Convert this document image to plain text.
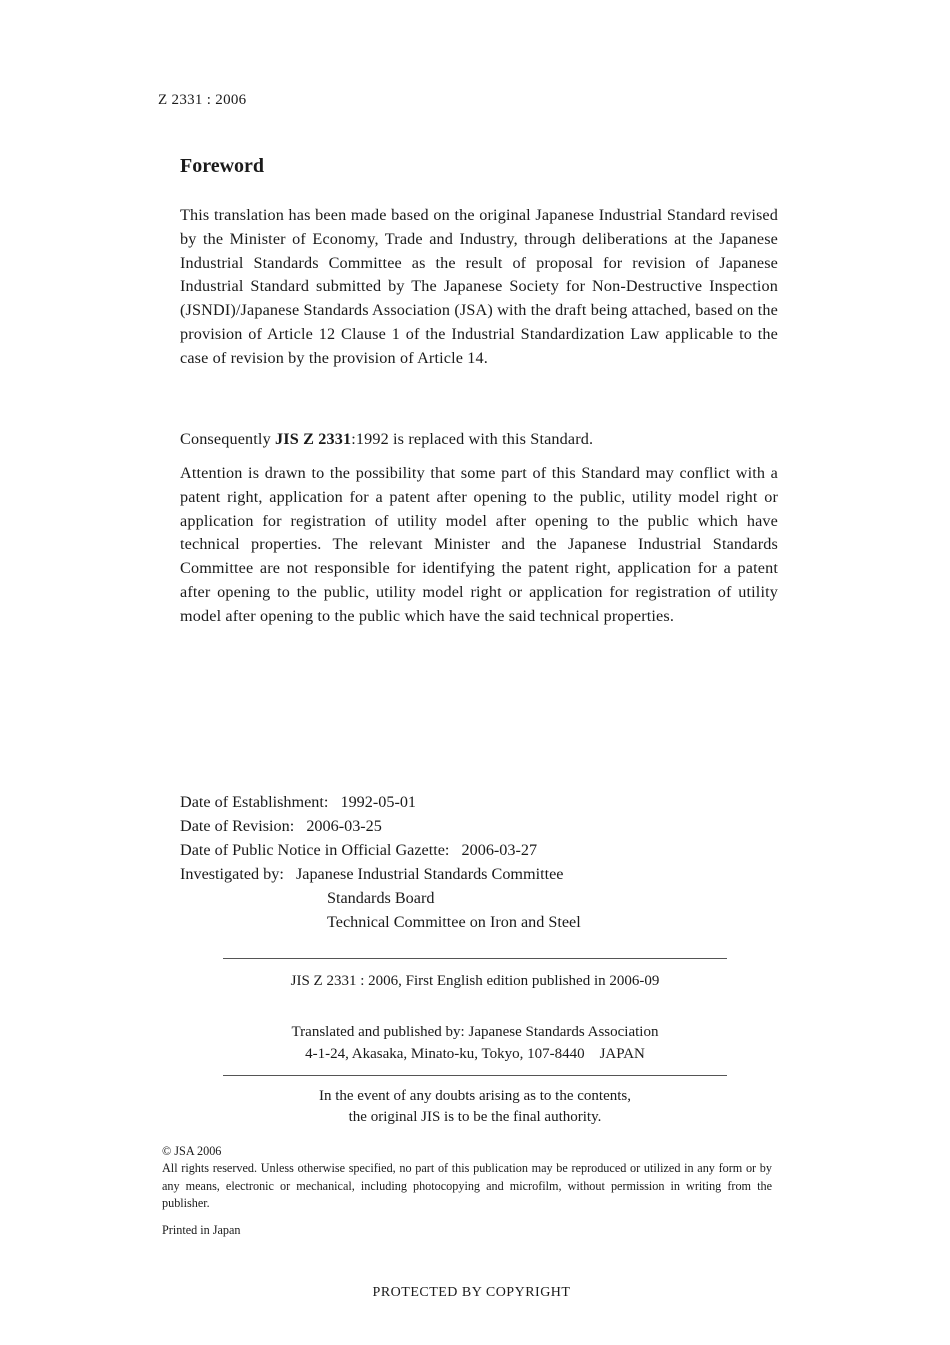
Z 2331 : 2006
Foreword

This translation has been made based on the original Japanese Industrial Standard revised by the Minister of Economy, Trade and Industry, through deliberations at the Japanese Industrial Standards Committee as the result of proposal for revision of Japanese Industrial Standard submitted by The Japanese Society for Non-Destructive Inspection (JSNDI)/Japanese Standards Association (JSA) with the draft being attached, based on the provision of Article 12 Clause 1 of the Industrial Standardization Law applicable to the case of revision by the provision of Article 14.

Consequently JIS Z 2331:1992 is replaced with this Standard.

Attention is drawn to the possibility that some part of this Standard may conflict with a patent right, application for a patent after opening to the public, utility model right or application for registration of utility model after opening to the public which have technical properties. The relevant Minister and the Japanese Industrial Standards Committee are not responsible for identifying the patent right, application for a patent after opening to the public, utility model right or application for registration of utility model after opening to the public which have the said technical properties.

Date of Establishment:   1992-05-01
Date of Revision:   2006-03-25
Date of Public Notice in Official Gazette:   2006-03-27
Investigated by:   Japanese Industrial Standards Committee
Standards Board
Technical Committee on Iron and Steel
JIS Z 2331 : 2006, First English edition published in 2006-09
Translated and published by: Japanese Standards Association
4-1-24, Akasaka, Minato-ku, Tokyo, 107-8440    JAPAN
In the event of any doubts arising as to the contents,
the original JIS is to be the final authority.
© JSA 2006
All rights reserved. Unless otherwise specified, no part of this publication may be reproduced or utilized in any form or by any means, electronic or mechanical, including photocopying and microfilm, without permission in writing from the publisher.
Printed in Japan
PROTECTED BY COPYRIGHT
